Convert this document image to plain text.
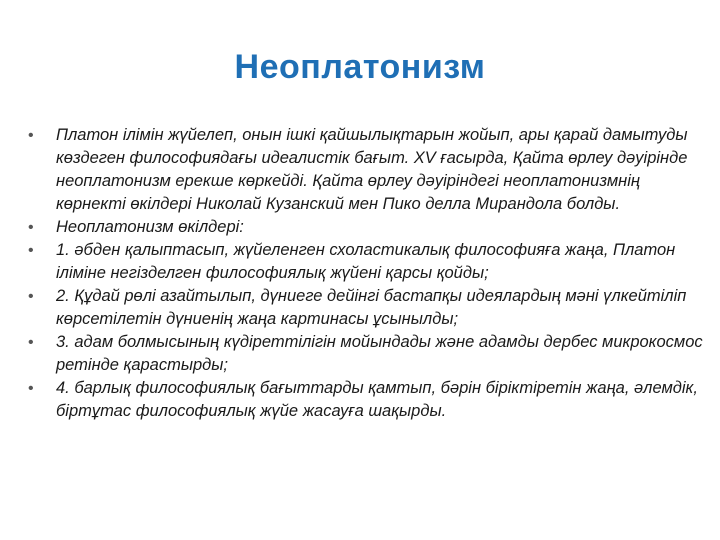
Неоплатонизм
• Платон ілімін жүйелеп, онын ішкі қайшылықтарын жойып, ары қарай дамытуды көздеген философиядағы идеалистік бағыт. XV ғасырда, Қайта өрлеу дәуірінде неоплатонизм ерекше көркейді. Қайта өрлеу дәуіріндегі неоплатонизмнің көрнекті өкілдері Николай Кузанский мен Пико делла Мирандола болды.
• Неоплатонизм өкілдері:
• 1. әбден қалыптасып, жүйеленген схоластикалық философияға жаңа, Платон іліміне негізделген философиялық жүйені қарсы қойды;
• 2. Құдай рөлі азайтылып, дүниеге дейінгі бастапқы идеялардың мәні үлкейтіліп көрсетілетін дүниенің жаңа картинасы ұсынылды;
• 3. адам болмысының күдіреттілігін мойындады және адамды дербес микрокосмос ретінде қарастырды;
• 4. барлық философиялық бағыттарды қамтып, бәрін біріктіретін жаңа, әлемдік, біртұтас философиялық жүйе жасауға шақырды.
